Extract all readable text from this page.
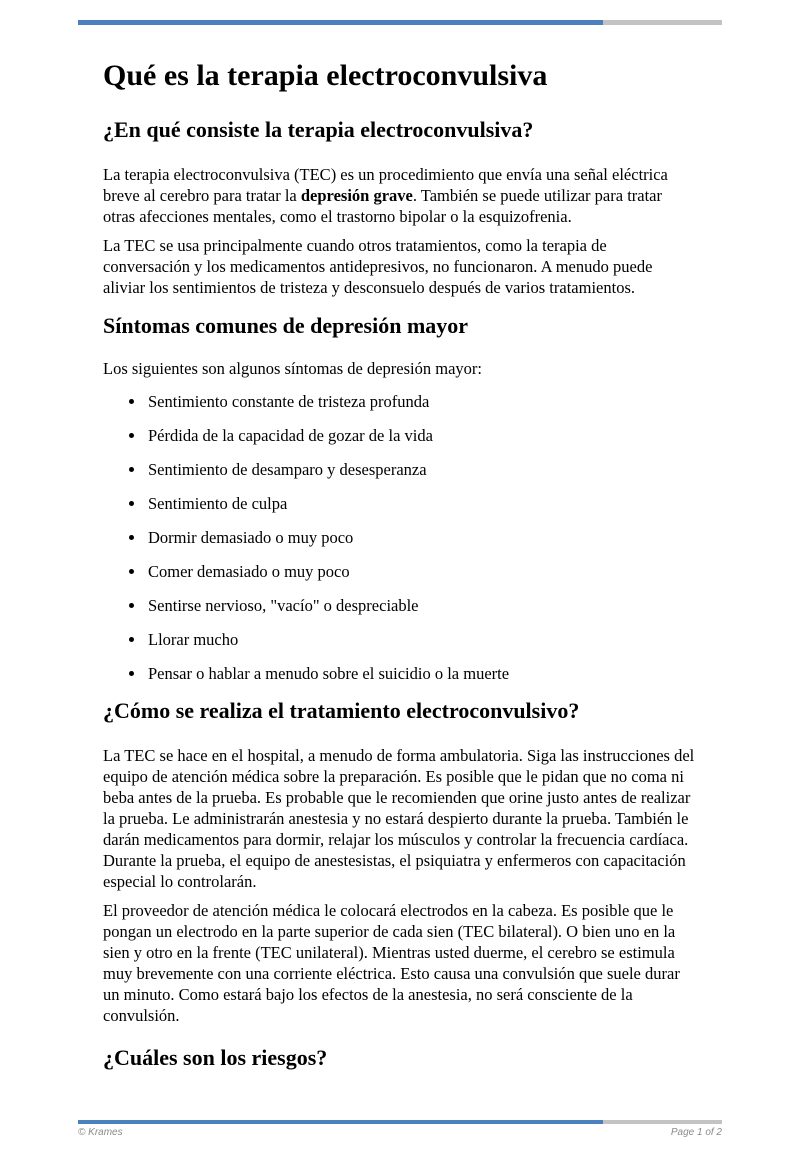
Qué es la terapia electroconvulsiva
¿En qué consiste la terapia electroconvulsiva?

La terapia electroconvulsiva (TEC) es un procedimiento que envía una señal eléctrica breve al cerebro para tratar la depresión grave. También se puede utilizar para tratar otras afecciones mentales, como el trastorno bipolar o la esquizofrenia.

La TEC se usa principalmente cuando otros tratamientos, como la terapia de conversación y los medicamentos antidepresivos, no funcionaron. A menudo puede aliviar los sentimientos de tristeza y desconsuelo después de varios tratamientos.

Síntomas comunes de depresión mayor

Los siguientes son algunos síntomas de depresión mayor:

• Sentimiento constante de tristeza profunda
• Pérdida de la capacidad de gozar de la vida
• Sentimiento de desamparo y desesperanza
• Sentimiento de culpa
• Dormir demasiado o muy poco
• Comer demasiado o muy poco
• Sentirse nervioso, "vacío" o despreciable
• Llorar mucho
• Pensar o hablar a menudo sobre el suicidio o la muerte
¿Cómo se realiza el tratamiento electroconvulsivo?

La TEC se hace en el hospital, a menudo de forma ambulatoria. Siga las instrucciones del equipo de atención médica sobre la preparación. Es posible que le pidan que no coma ni beba antes de la prueba. Es probable que le recomienden que orine justo antes de realizar la prueba. Le administrarán anestesia y no estará despierto durante la prueba. También le darán medicamentos para dormir, relajar los músculos y controlar la frecuencia cardíaca. Durante la prueba, el equipo de anestesistas, el psiquiatra y enfermeros con capacitación especial lo controlarán.

El proveedor de atención médica le colocará electrodos en la cabeza. Es posible que le pongan un electrodo en la parte superior de cada sien (TEC bilateral). O bien uno en la sien y otro en la frente (TEC unilateral). Mientras usted duerme, el cerebro se estimula muy brevemente con una corriente eléctrica. Esto causa una convulsión que suele durar un minuto. Como estará bajo los efectos de la anestesia, no será consciente de la convulsión.

¿Cuáles son los riesgos?
© Krames	Page 1 of 2
